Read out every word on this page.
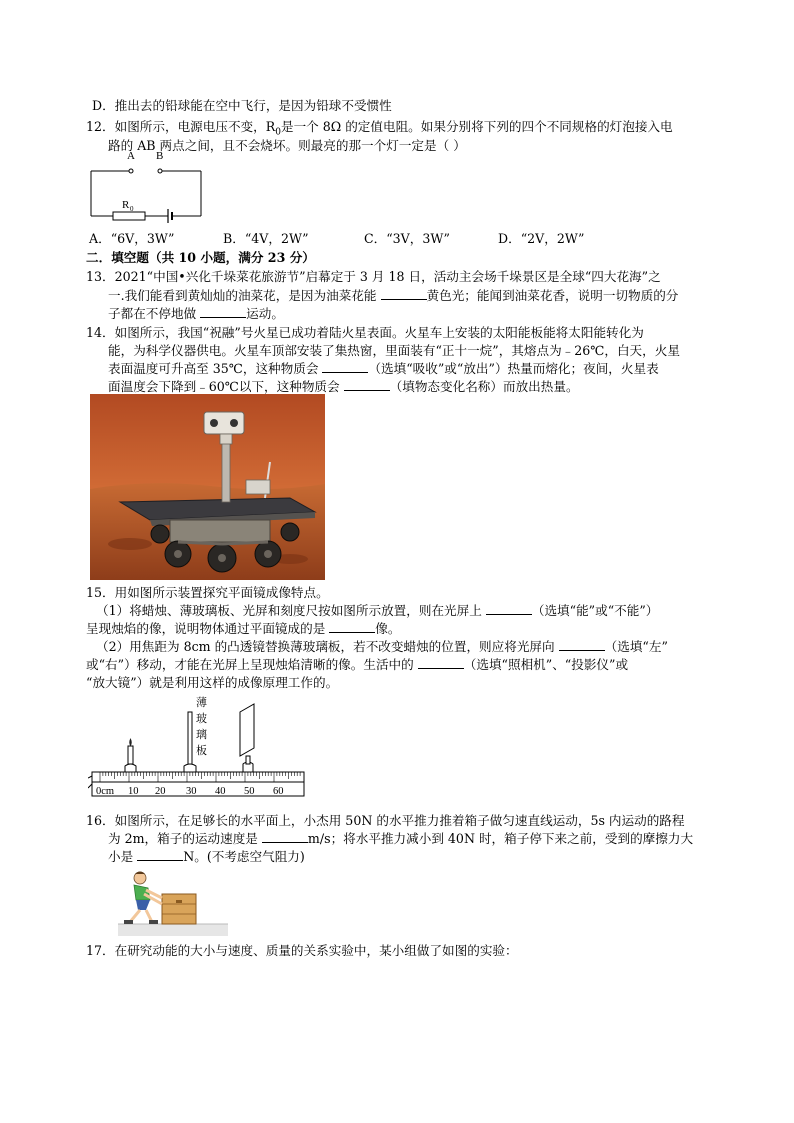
D．推出去的铅球能在空中飞行，是因为铅球不受惯性
12．如图所示，电源电压不变，$R_0$是一个 8Ω 的定值电阻。如果分别将下列的四个不同规格的灯泡接入电
路的 AB 两点之间，且不会烧坏。则最亮的那一个灯一定是（ ）
A B
R 0
A．“6V，3W”	B．“4V，2W”	C．“3V，3W”	D．“2V，2W”
二．填空题（共 10 小题，满分 23 分）
13．2021“中国•兴化千垛菜花旅游节”启幕定于 3 月 18 日，活动主会场千垛景区是全球“四大花海”之
一.我们能看到黄灿灿的油菜花，是因为油菜花能	黄色光；能闻到油菜花香，说明一切物质的分
子都在不停地做	运动。
14．如图所示，我国“祝融”号火星已成功着陆火星表面。火星车上安装的太阳能板能将太阳能转化为
能，为科学仪器供电。火星车顶部安装了集热窗，里面装有“正十一烷”，其熔点为﹣26℃，白天，火星
表面温度可升高至 35℃，这种物质会	（选填“吸收”或“放出”）热量而熔化；夜间，火星表
面温度会下降到﹣60℃以下，这种物质会	（填物态变化名称）而放出热量。
15．用如图所示装置探究平面镜成像特点。
（1）将蜡烛、薄玻璃板、光屏和刻度尺按如图所示放置，则在光屏上	（选填“能”或“不能”）
呈现烛焰的像，说明物体通过平面镜成的是	像。
（2）用焦距为 8cm 的凸透镜替换薄玻璃板，若不改变蜡烛的位置，则应将光屏向	（选填“左”
或“右”）移动，才能在光屏上呈现烛焰清晰的像。生活中的	（选填“照相机”、“投影仪”或
“放大镜”）就是利用这样的成像原理工作的。
薄
玻
璃
板
0cm 10 20 30 40 50 60
16．如图所示，在足够长的水平面上，小杰用 50N 的水平推力推着箱子做匀速直线运动，5s 内运动的路程
为 2m，箱子的运动速度是	m/s；将水平推力减小到 40N 时，箱子停下来之前，受到的摩擦力大
小是	N。(不考虑空气阻力)
17．在研究动能的大小与速度、质量的关系实验中，某小组做了如图的实验：
